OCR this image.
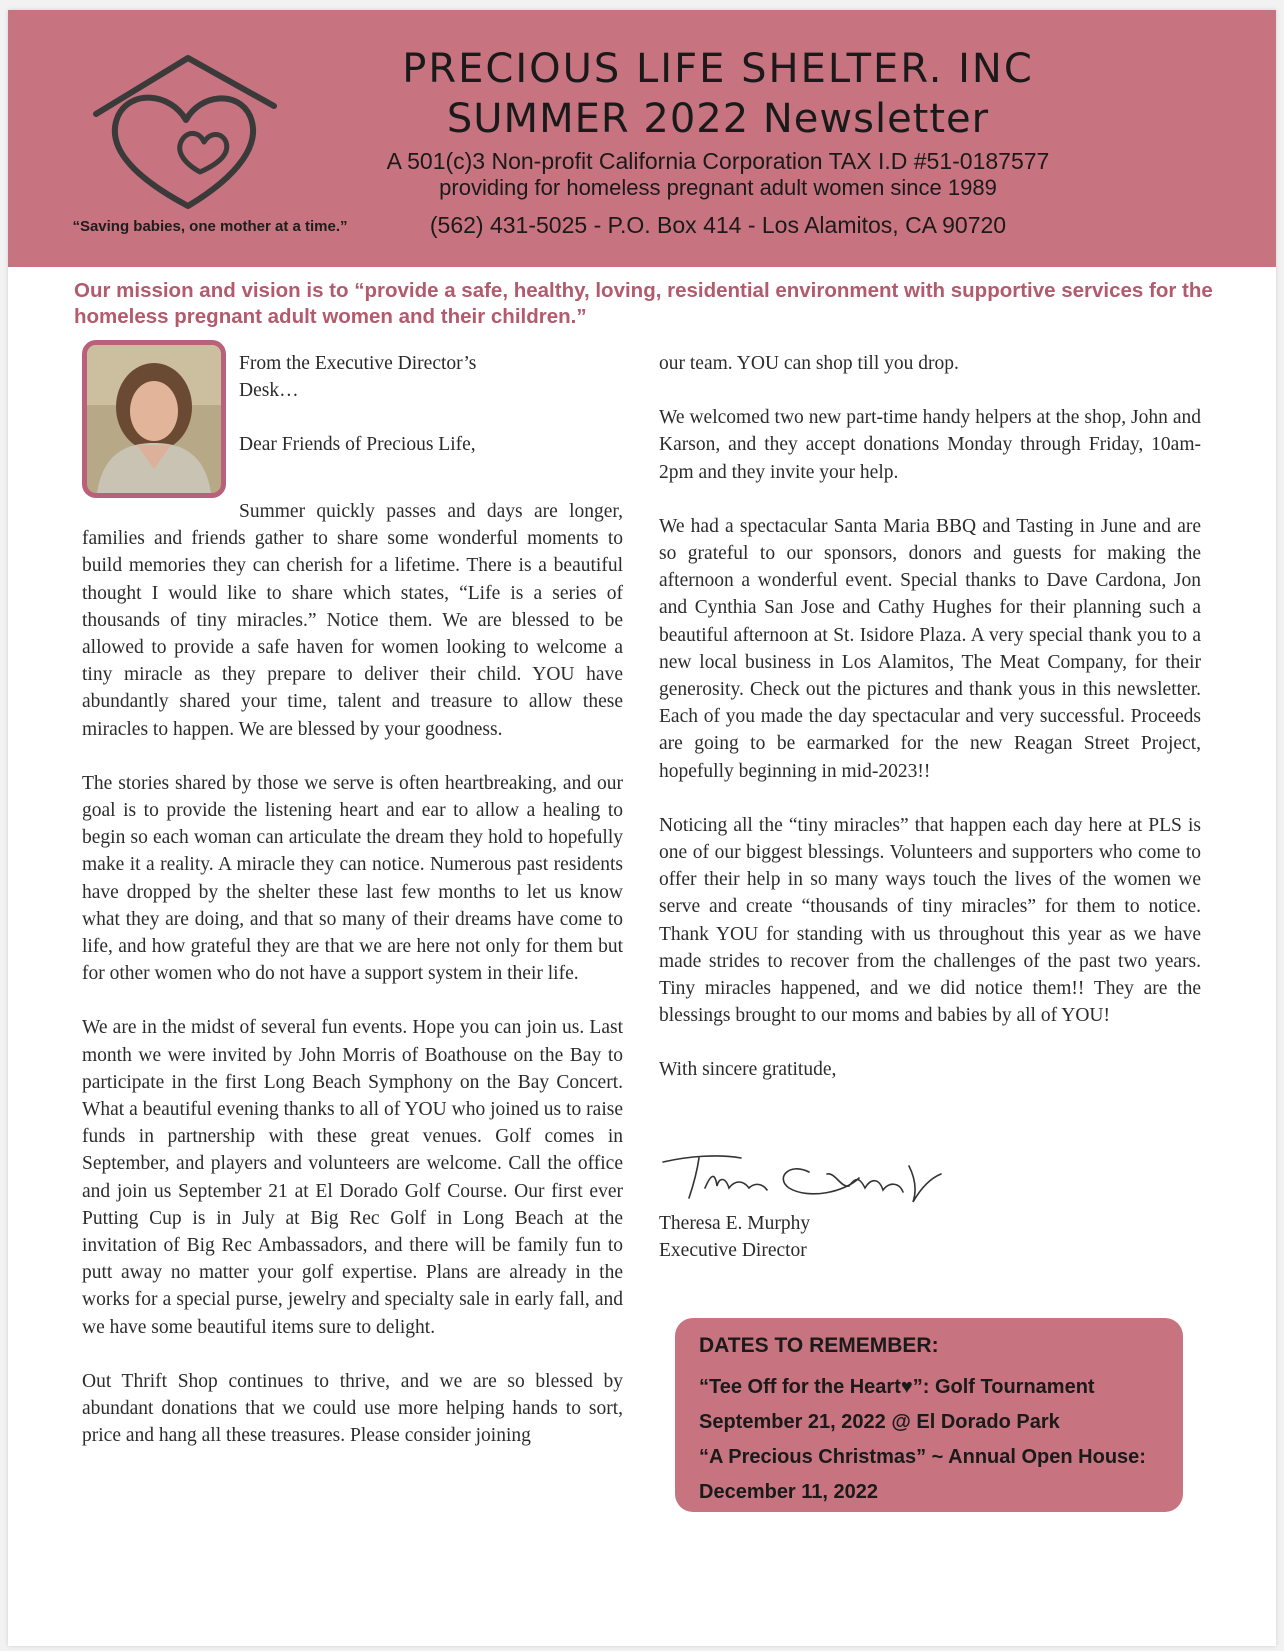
“Saving babies, one mother at a time.”
PRECIOUS LIFE SHELTER. INC
SUMMER 2022 Newsletter
A 501(c)3 Non-profit California Corporation TAX I.D #51-0187577
providing for homeless pregnant adult women since 1989
(562) 431-5025 - P.O. Box 414 - Los Alamitos, CA 90720
Our mission and vision is to “provide a safe, healthy, loving, residential environment with supportive services for the homeless pregnant adult women and their children.”

From the Executive Director’s Desk…

Dear Friends of Precious Life,

Summer quickly passes and days are longer, families and friends gather to share some wonderful moments to build memories they can cherish for a lifetime. There is a beautiful thought I would like to share which states, “Life is a series of thousands of tiny miracles.” Notice them. We are blessed to be allowed to provide a safe haven for women looking to welcome a tiny miracle as they prepare to deliver their child. YOU have abundantly shared your time, talent and treasure to allow these miracles to happen. We are blessed by your goodness.

The stories shared by those we serve is often heartbreaking, and our goal is to provide the listening heart and ear to allow a healing to begin so each woman can articulate the dream they hold to hopefully make it a reality. A miracle they can notice. Numerous past residents have dropped by the shelter these last few months to let us know what they are doing, and that so many of their dreams have come to life, and how grateful they are that we are here not only for them but for other women who do not have a support system in their life.

We are in the midst of several fun events. Hope you can join us. Last month we were invited by John Morris of Boathouse on the Bay to participate in the first Long Beach Symphony on the Bay Concert. What a beautiful evening thanks to all of YOU who joined us to raise funds in partnership with these great venues. Golf comes in September, and players and volunteers are welcome. Call the office and join us September 21 at El Dorado Golf Course. Our first ever Putting Cup is in July at Big Rec Golf in Long Beach at the invitation of Big Rec Ambassadors, and there will be family fun to putt away no matter your golf expertise. Plans are already in the works for a special purse, jewelry and specialty sale in early fall, and we have some beautiful items sure to delight.

Out Thrift Shop continues to thrive, and we are so blessed by abundant donations that we could use more helping hands to sort, price and hang all these treasures. Please consider joining

our team. YOU can shop till you drop.

We welcomed two new part-time handy helpers at the shop, John and Karson, and they accept donations Monday through Friday, 10am-2pm and they invite your help.

We had a spectacular Santa Maria BBQ and Tasting in June and are so grateful to our sponsors, donors and guests for making the afternoon a wonderful event. Special thanks to Dave Cardona, Jon and Cynthia San Jose and Cathy Hughes for their planning such a beautiful afternoon at St. Isidore Plaza. A very special thank you to a new local business in Los Alamitos, The Meat Company, for their generosity. Check out the pictures and thank yous in this newsletter. Each of you made the day spectacular and very successful. Proceeds are going to be earmarked for the new Reagan Street Project, hopefully beginning in mid-2023!!

Noticing all the “tiny miracles” that happen each day here at PLS is one of our biggest blessings. Volunteers and supporters who come to offer their help in so many ways touch the lives of the women we serve and create “thousands of tiny miracles” for them to notice. Thank YOU for standing with us throughout this year as we have made strides to recover from the challenges of the past two years. Tiny miracles happened, and we did notice them!! They are the blessings brought to our moms and babies by all of YOU!

With sincere gratitude,

Theresa E. Murphy
Executive Director
DATES TO REMEMBER:
“Tee Off for the Heart♥”: Golf Tournament
September 21, 2022 @ El Dorado Park
“A Precious Christmas” ~ Annual Open House:
December 11, 2022
